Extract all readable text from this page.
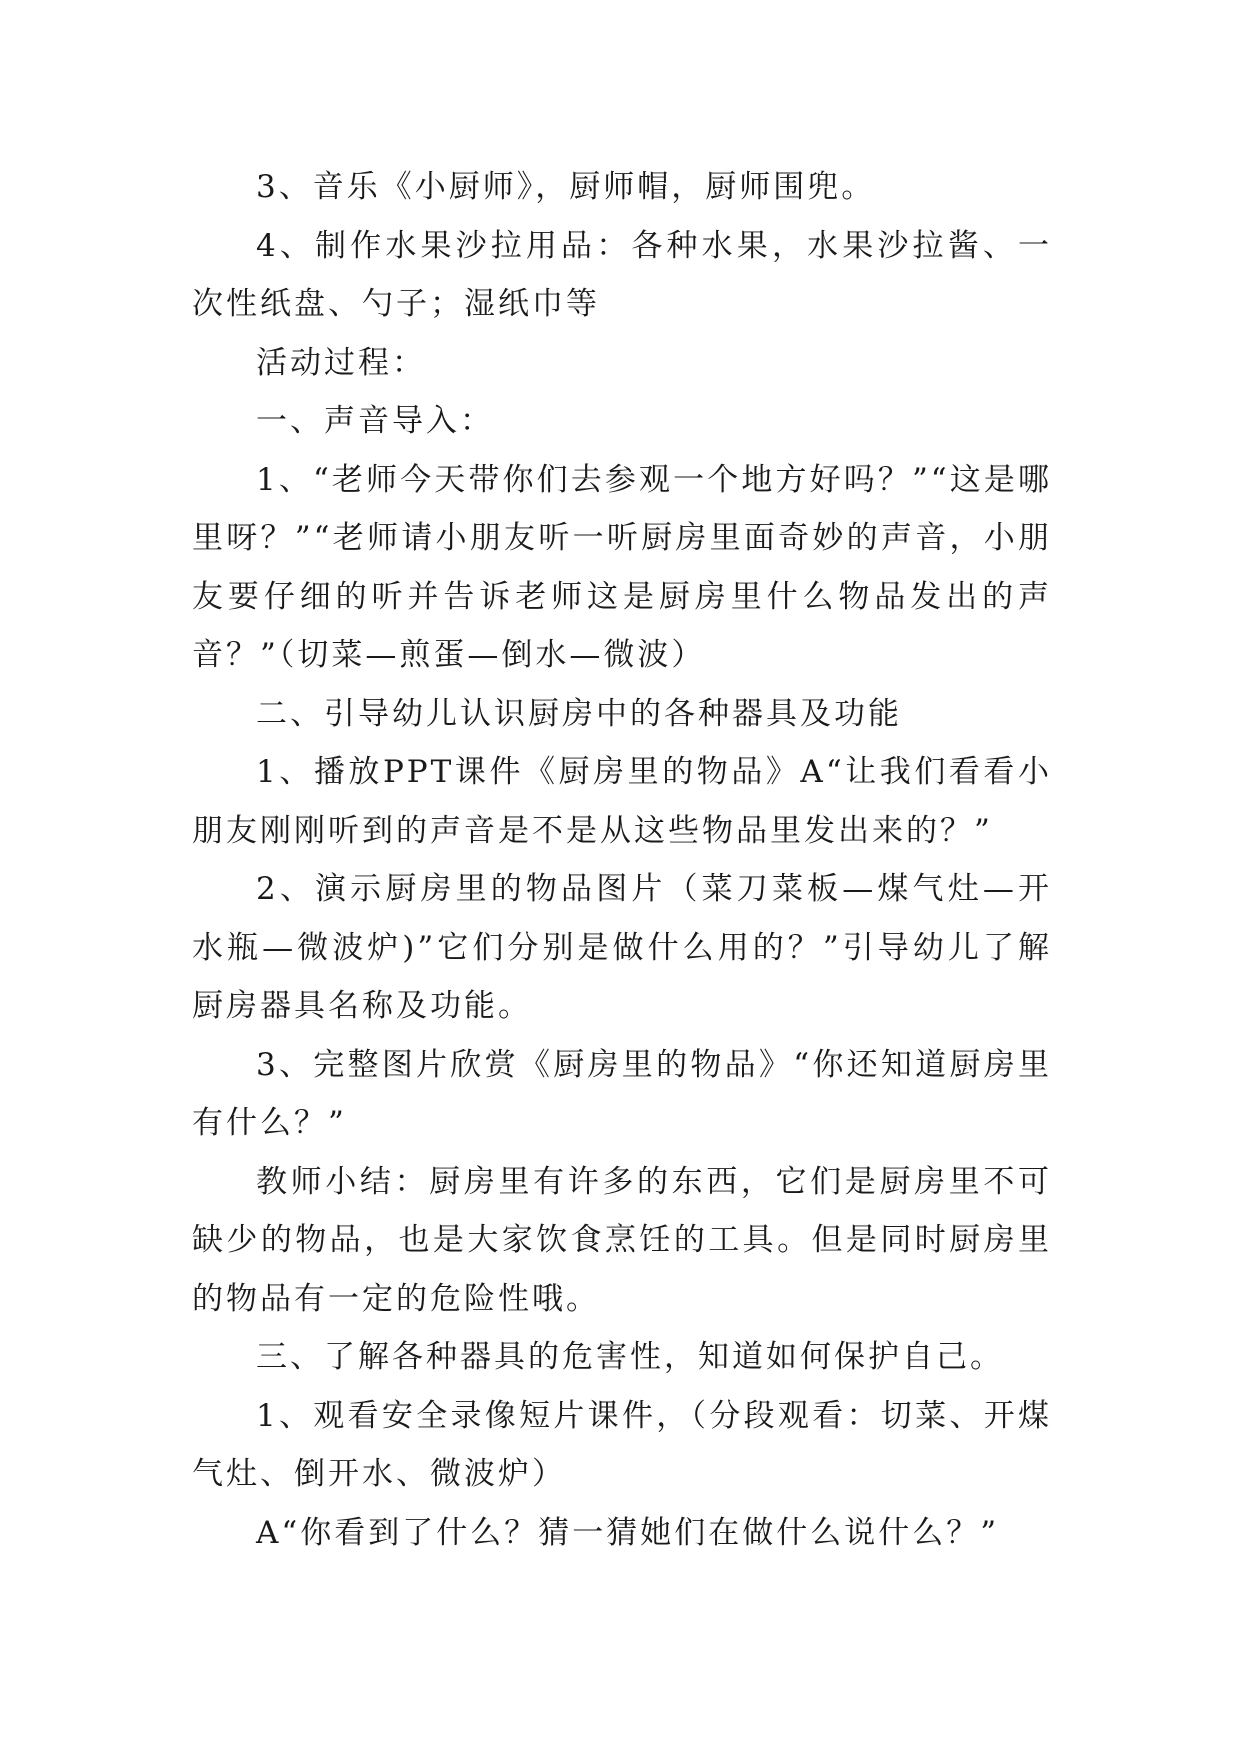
3、音乐《小厨师》，厨师帽，厨师围兜。

4、制作水果沙拉用品：各种水果，水果沙拉酱、一次性纸盘、勺子；湿纸巾等

活动过程：

一、声音导入：

1、“老师今天带你们去参观一个地方好吗？”“这是哪里呀？”“老师请小朋友听一听厨房里面奇妙的声音，小朋友要仔细的听并告诉老师这是厨房里什么物品发出的声音？”（切菜—煎蛋—倒水—微波）

二、引导幼儿认识厨房中的各种器具及功能

1、播放PPT课件《厨房里的物品》A“让我们看看小朋友刚刚听到的声音是不是从这些物品里发出来的？”

2、演示厨房里的物品图片（菜刀菜板—煤气灶—开水瓶—微波炉)”它们分别是做什么用的？”引导幼儿了解厨房器具名称及功能。

3、完整图片欣赏《厨房里的物品》“你还知道厨房里有什么？”

教师小结：厨房里有许多的东西，它们是厨房里不可缺少的物品，也是大家饮食烹饪的工具。但是同时厨房里的物品有一定的危险性哦。

三、了解各种器具的危害性，知道如何保护自己。

1、观看安全录像短片课件，（分段观看：切菜、开煤气灶、倒开水、微波炉）

A“你看到了什么？猜一猜她们在做什么说什么？”
